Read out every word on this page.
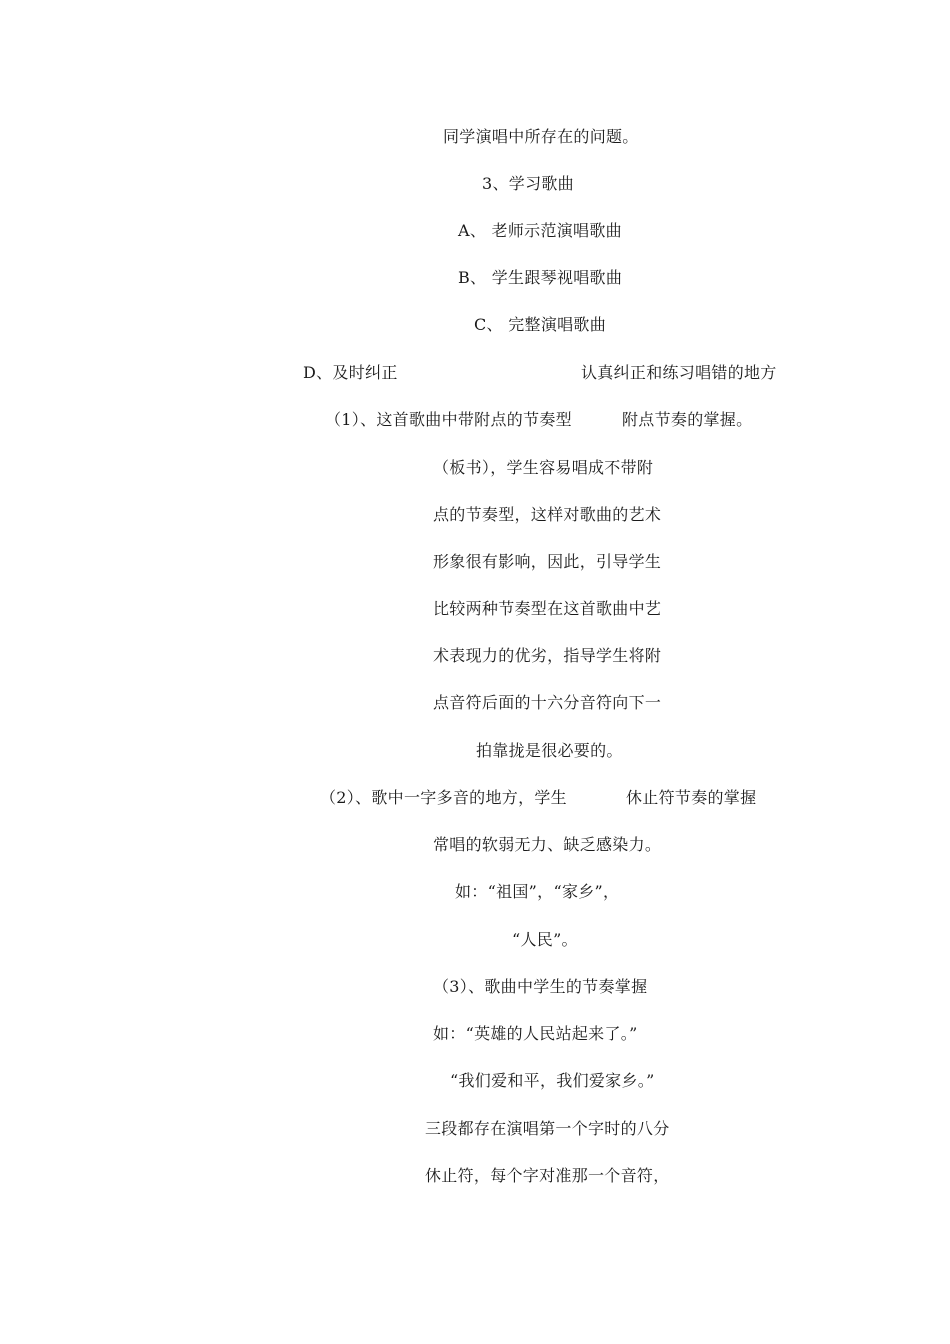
同学演唱中所存在的问题。
3、学习歌曲
A、 老师示范演唱歌曲
B、 学生跟琴视唱歌曲
C、 完整演唱歌曲
D、及时纠正	认真纠正和练习唱错的地方
（1）、这首歌曲中带附点的节奏型	附点节奏的掌握。
（板书），学生容易唱成不带附
点的节奏型，这样对歌曲的艺术
形象很有影响，因此，引导学生
比较两种节奏型在这首歌曲中艺
术表现力的优劣，指导学生将附
点音符后面的十六分音符向下一
拍靠拢是很必要的。
（2）、歌中一字多音的地方，学生	休止符节奏的掌握
常唱的软弱无力、缺乏感染力。
如：“祖国”，“家乡”，
“人民”。
（3）、歌曲中学生的节奏掌握
如：“英雄的人民站起来了。”
“我们爱和平，我们爱家乡。”
三段都存在演唱第一个字时的八分
休止符，每个字对准那一个音符，
